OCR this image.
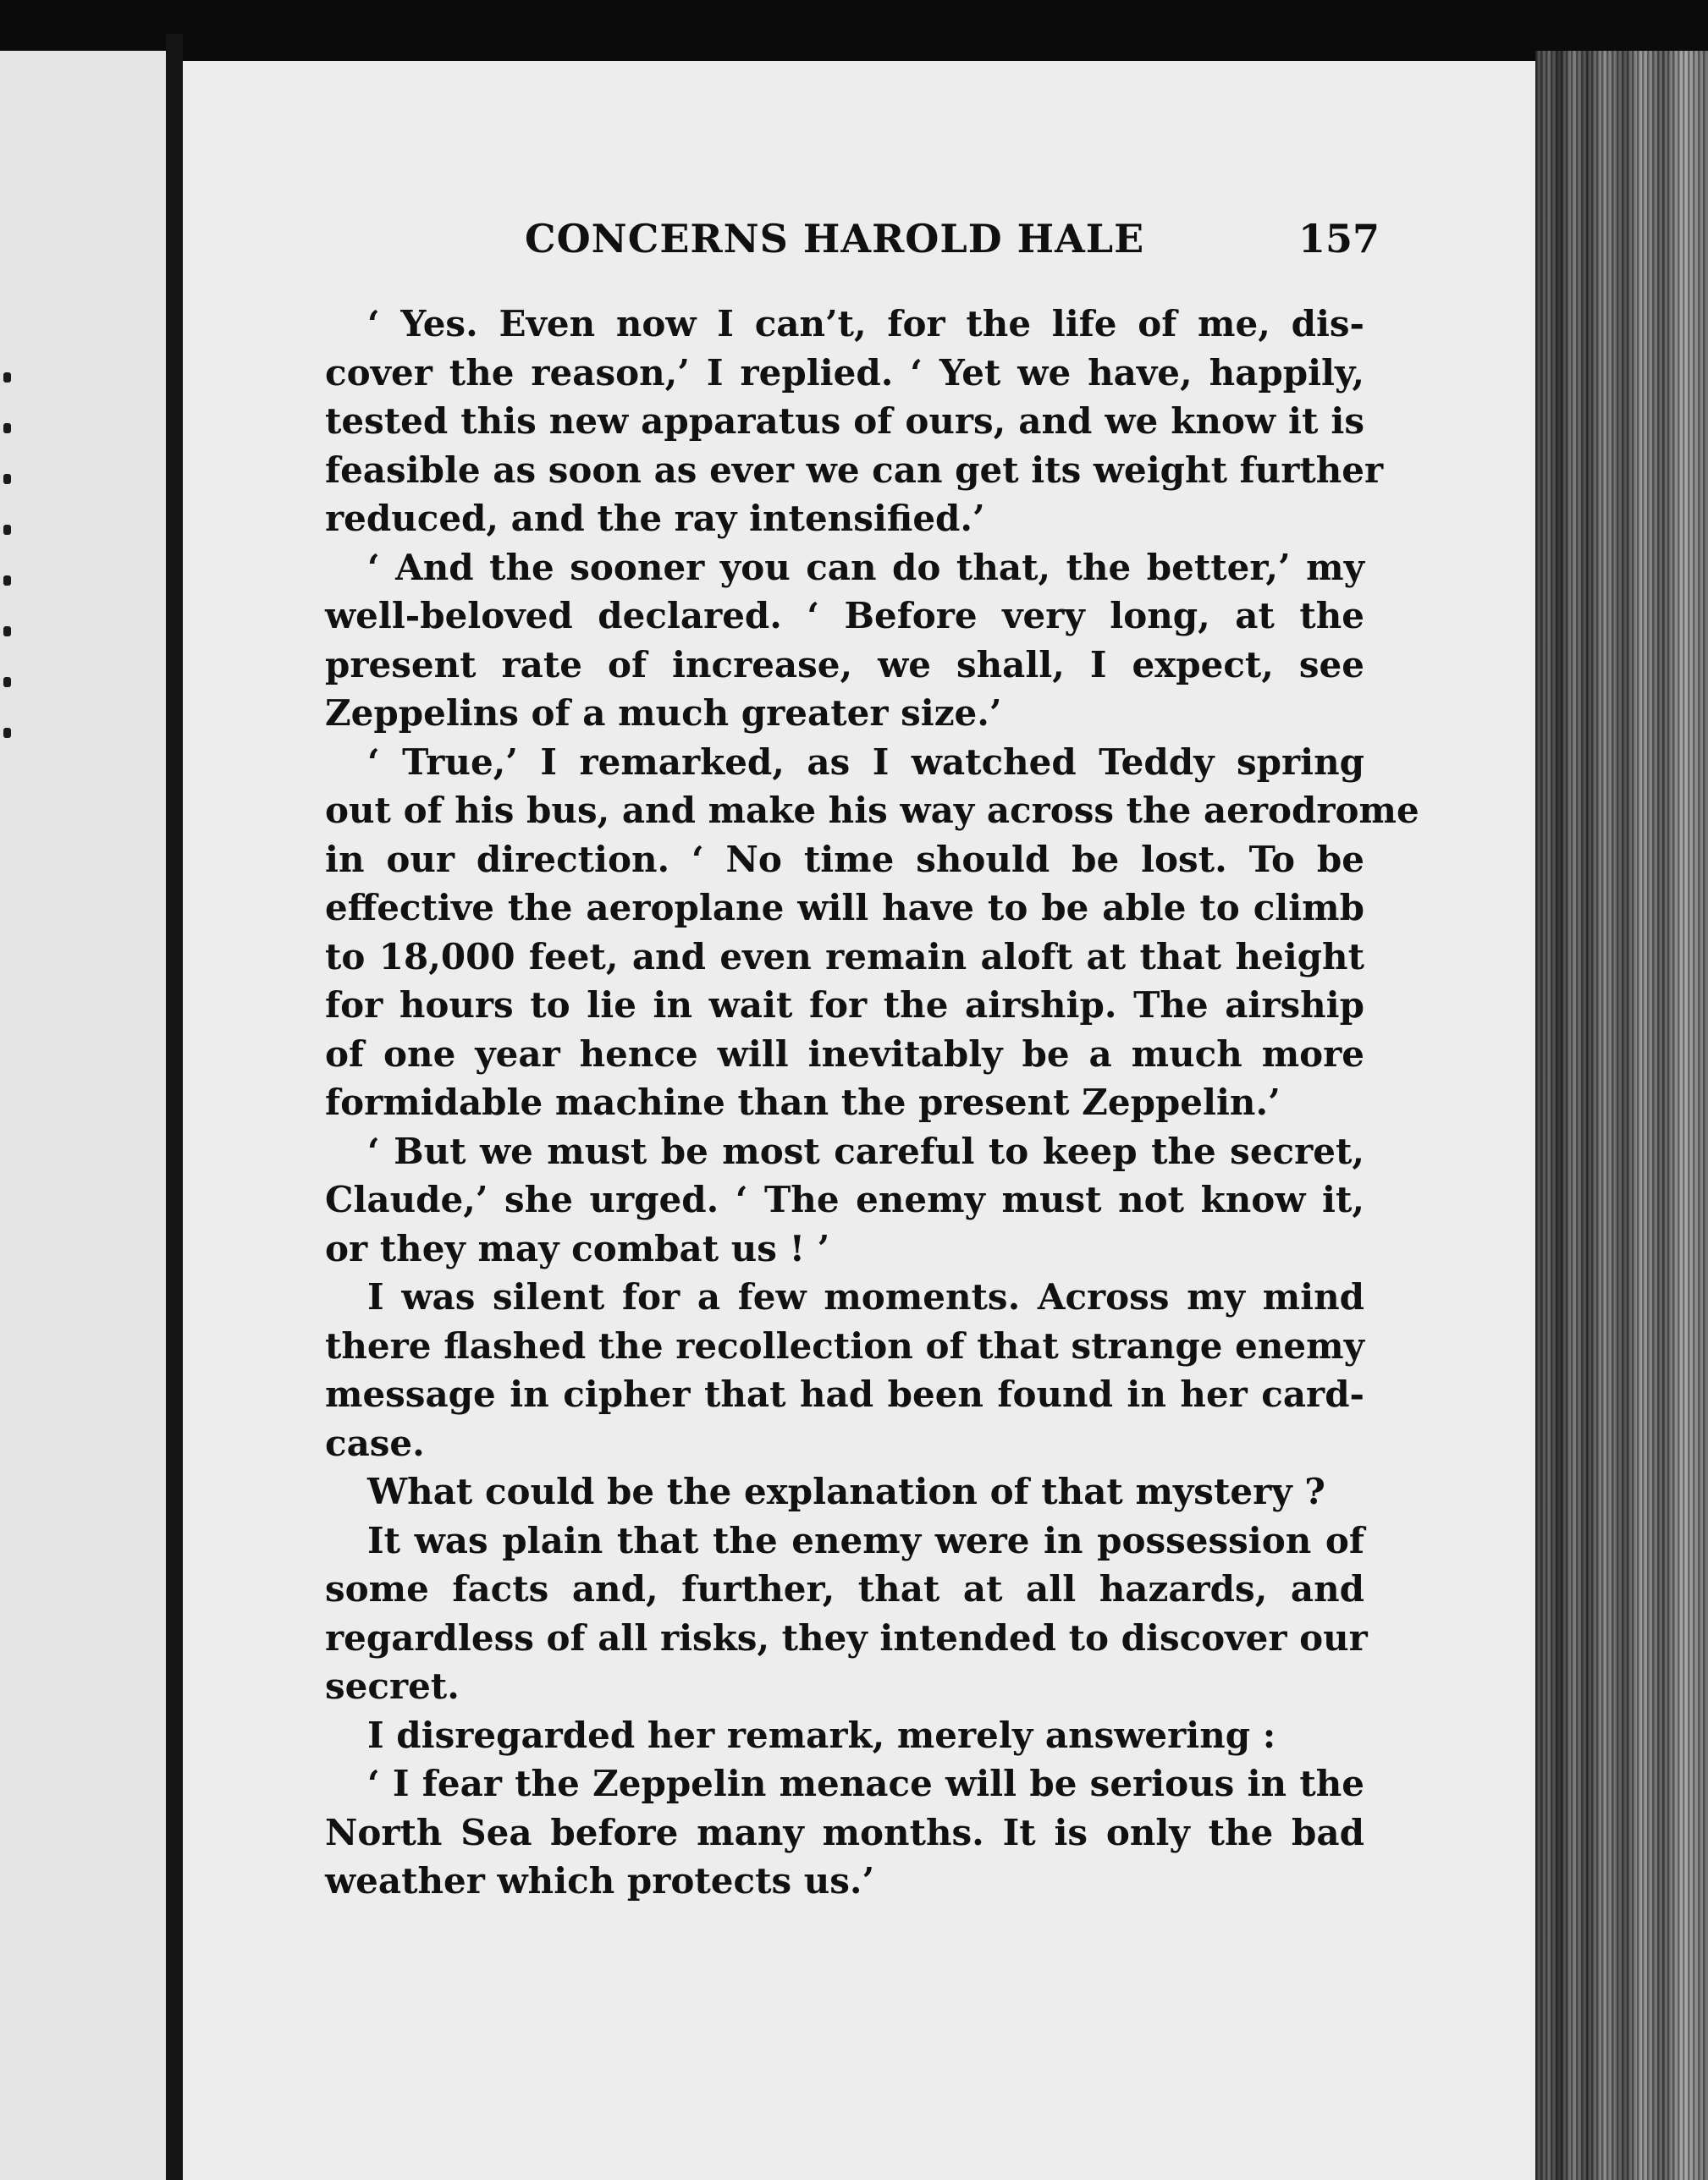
CONCERNS HAROLD HALE	157
‘ Yes. Even now I can’t, for the life of me, dis-
cover the reason,’ I replied. ‘ Yet we have, happily,
tested this new apparatus of ours, and we know it is
feasible as soon as ever we can get its weight further
reduced, and the ray intensified.’
‘ And the sooner you can do that, the better,’ my
well-beloved declared. ‘ Before very long, at the
present rate of increase, we shall, I expect, see
Zeppelins of a much greater size.’
‘ True,’ I remarked, as I watched Teddy spring
out of his bus, and make his way across the aerodrome
in our direction. ‘ No time should be lost. To be
effective the aeroplane will have to be able to climb
to 18,000 feet, and even remain aloft at that height
for hours to lie in wait for the airship. The airship
of one year hence will inevitably be a much more
formidable machine than the present Zeppelin.’
‘ But we must be most careful to keep the secret,
Claude,’ she urged. ‘ The enemy must not know it,
or they may combat us ! ’
I was silent for a few moments. Across my mind
there flashed the recollection of that strange enemy
message in cipher that had been found in her card-
case.
What could be the explanation of that mystery ?
It was plain that the enemy were in possession of
some facts and, further, that at all hazards, and
regardless of all risks, they intended to discover our
secret.
I disregarded her remark, merely answering :
‘ I fear the Zeppelin menace will be serious in the
North Sea before many months. It is only the bad
weather which protects us.’
